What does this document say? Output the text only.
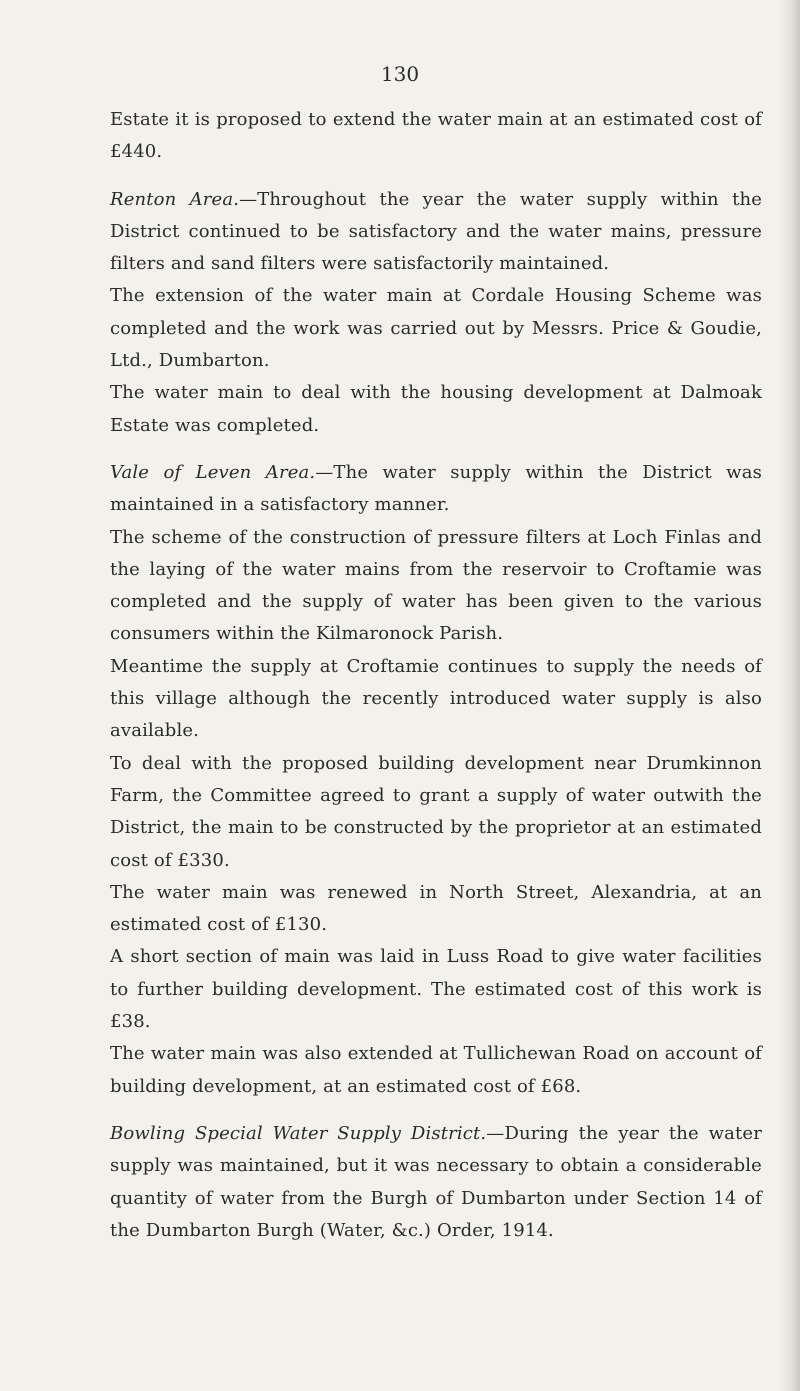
130

Estate it is proposed to extend the water main at an estimated cost of £440.

Renton Area.—Throughout the year the water supply within the District continued to be satisfactory and the water mains, pressure filters and sand filters were satisfactorily maintained.

The extension of the water main at Cordale Housing Scheme was completed and the work was carried out by Messrs. Price & Goudie, Ltd., Dumbarton.

The water main to deal with the housing development at Dalmoak Estate was completed.

Vale of Leven Area.—The water supply within the District was maintained in a satisfactory manner.

The scheme of the construction of pressure filters at Loch Finlas and the laying of the water mains from the reservoir to Croftamie was completed and the supply of water has been given to the various consumers within the Kilmaronock Parish.

Meantime the supply at Croftamie continues to supply the needs of this village although the recently introduced water supply is also available.

To deal with the proposed building development near Drumkinnon Farm, the Committee agreed to grant a supply of water outwith the District, the main to be constructed by the proprietor at an estimated cost of £330.

The water main was renewed in North Street, Alexandria, at an estimated cost of £130.

A short section of main was laid in Luss Road to give water facilities to further building development. The estimated cost of this work is £38.

The water main was also extended at Tullichewan Road on account of building development, at an estimated cost of £68.

Bowling Special Water Supply District.—During the year the water supply was maintained, but it was necessary to obtain a considerable quantity of water from the Burgh of Dumbarton under Section 14 of the Dumbarton Burgh (Water, &c.) Order, 1914.
